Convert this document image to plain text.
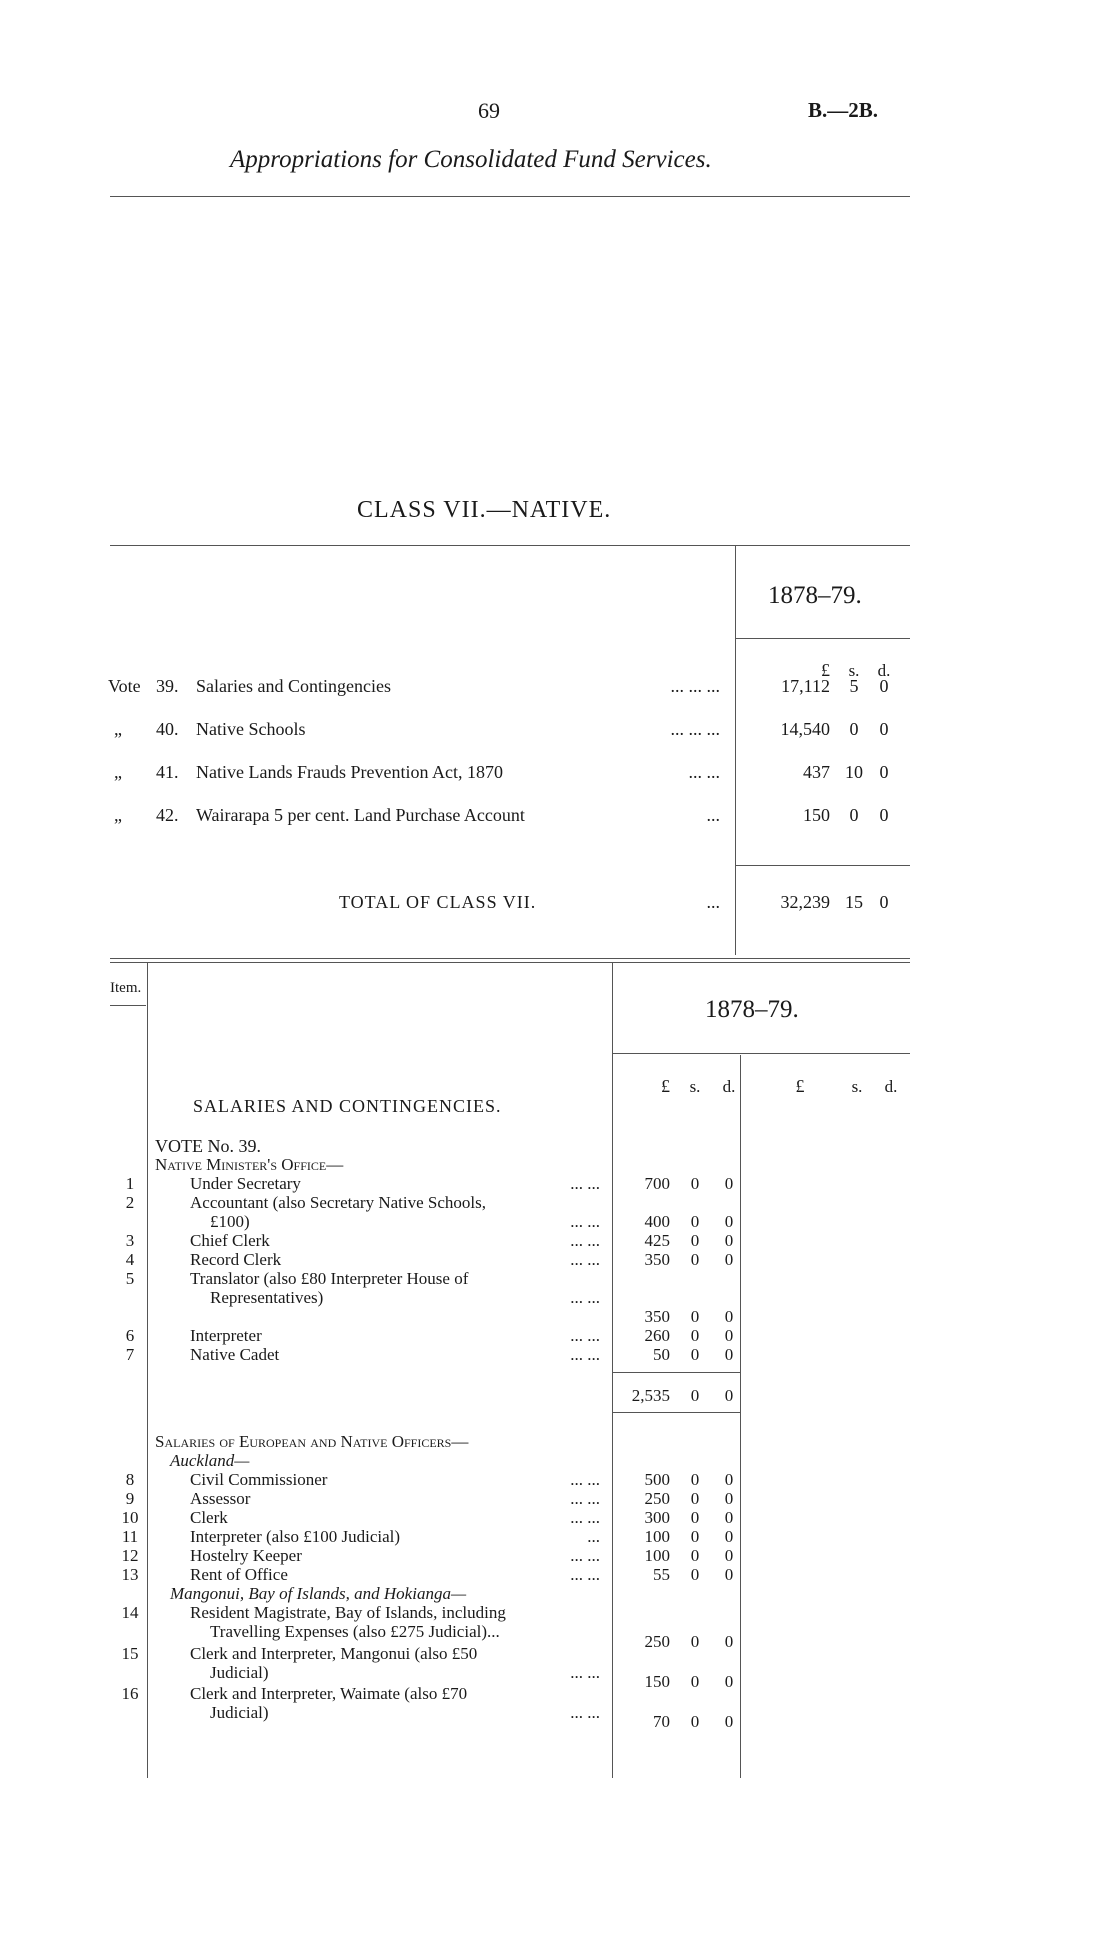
69	B.—2B.
Appropriations for Consolidated Fund Services.
CLASS VII.—NATIVE.
1878–79.
£	s.	d.
Vote 39. Salaries and Contingencies	... ... ...	17,112	5	0
„ 40. Native Schools	... ... ...	14,540	0	0
„ 41. Native Lands Frauds Prevention Act, 1870	... ...	437 10 0
„ 42. Wairarapa 5 per cent. Land Purchase Account	...	150	0	0
TOTAL OF CLASS VII.	...	32,239 15 0
Item.
1878–79.
£	s.	d.	£	s.	d.
SALARIES AND CONTINGENCIES.
VOTE No. 39.
Native Minister's Office—
1	Under Secretary	... ...	700	0	0
2	Accountant (also Secretary Native Schools,
£100)	... ...	400	0	0
3	Chief Clerk	... ...	425	0	0
4	Record Clerk	... ...	350	0	0
5	Translator (also £80 Interpreter House of
Representatives)	... ...
350	0	0
6	Interpreter	... ...	260	0	0
7	Native Cadet	... ...	50	0	0
2,535	0	0
Salaries of European and Native Officers—
Auckland—
8	Civil Commissioner	... ...	500	0	0
9	Assessor	... ...	250	0	0
10	Clerk	... ...	300	0	0
11	Interpreter (also £100 Judicial)	...	100	0	0
12	Hostelry Keeper	... ...	100	0	0
13	Rent of Office	... ...	55	0	0
Mangonui, Bay of Islands, and Hokianga—
14	Resident Magistrate, Bay of Islands, including
Travelling Expenses (also £275 Judicial)...
250	0	0
15	Clerk and Interpreter, Mangonui (also £50
Judicial)	... ...	150	0	0
16	Clerk and Interpreter, Waimate (also £70
Judicial)	... ...	70	0	0
